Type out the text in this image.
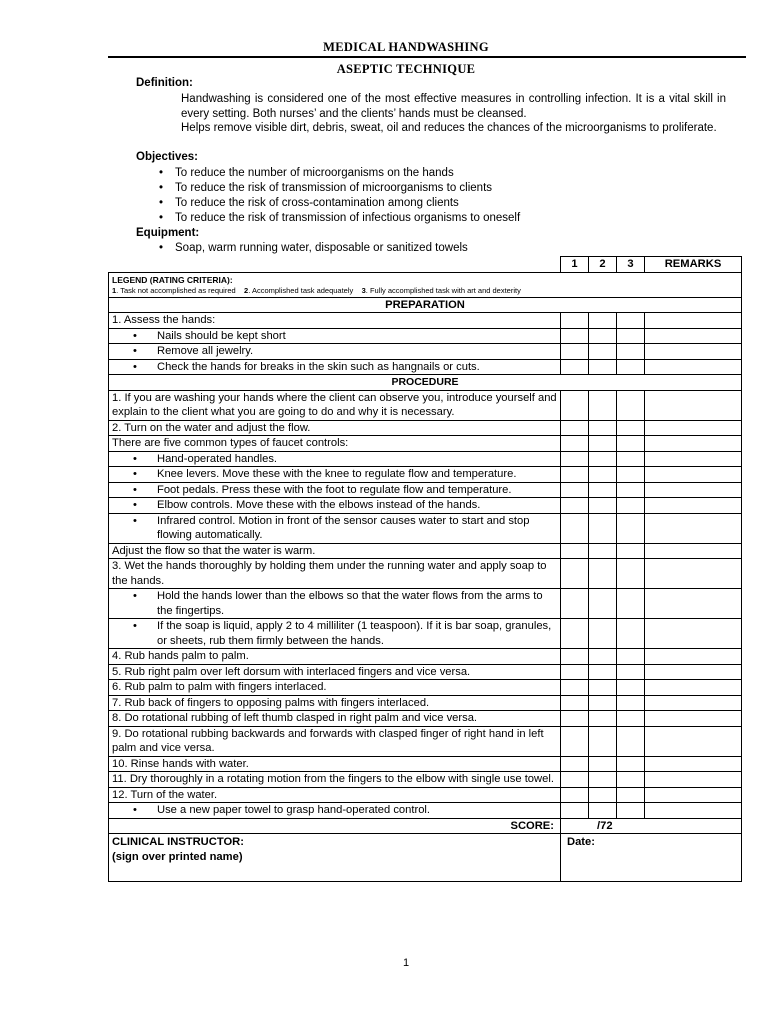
MEDICAL HANDWASHING
ASEPTIC TECHNIQUE
Definition:
Handwashing is considered one of the most effective measures in controlling infection. It is a vital skill in every setting. Both nurses’ and the clients’ hands must be cleansed.
Helps remove visible dirt, debris, sweat, oil and reduces the chances of the microorganisms to proliferate.
Objectives:
• To reduce the number of microorganisms on the hands
• To reduce the risk of transmission of microorganisms to clients
• To reduce the risk of cross-contamination among clients
• To reduce the risk of transmission of infectious organisms to oneself
Equipment:
• Soap, warm running water, disposable or sanitized towels
	1	2	3	REMARKS

LEGEND (RATING CRITERIA):
1. Task not accomplished as required 2. Accomplished task adequately 3. Fully accomplished task with art and dexterity				

PREPARATION				
1. Assess the hands:				
• Nails should be kept short				
• Remove all jewelry.				
• Check the hands for breaks in the skin such as hangnails or cuts.				
PROCEDURE				
1. If you are washing your hands where the client can observe you, introduce yourself and explain to the client what you are going to do and why it is necessary.				
2. Turn on the water and adjust the flow.				
There are five common types of faucet controls:				
• Hand-operated handles.				
• Knee levers. Move these with the knee to regulate flow and temperature.				
• Foot pedals. Press these with the foot to regulate flow and temperature.				
• Elbow controls. Move these with the elbows instead of the hands.				
• Infrared control. Motion in front of the sensor causes water to start and stop flowing automatically.				
Adjust the flow so that the water is warm.				
3. Wet the hands thoroughly by holding them under the running water and apply soap to the hands.				
• Hold the hands lower than the elbows so that the water flows from the arms to the fingertips.				
• If the soap is liquid, apply 2 to 4 milliliter (1 teaspoon). If it is bar soap, granules, or sheets, rub them firmly between the hands.				
4. Rub hands palm to palm.				
5. Rub right palm over left dorsum with interlaced fingers and vice versa.				
6. Rub palm to palm with fingers interlaced.				
7. Rub back of fingers to opposing palms with fingers interlaced.				
8. Do rotational rubbing of left thumb clasped in right palm and vice versa.				
9. Do rotational rubbing backwards and forwards with clasped finger of right hand in left palm and vice versa.				
10. Rinse hands with water.				
11. Dry thoroughly in a rotating motion from the fingers to the elbow with single use towel.				
12. Turn of the water.				
• Use a new paper towel to grasp hand-operated control.				
SCORE:	/72			

CLINICAL INSTRUCTOR:
(sign over printed name)	Date:			
1
